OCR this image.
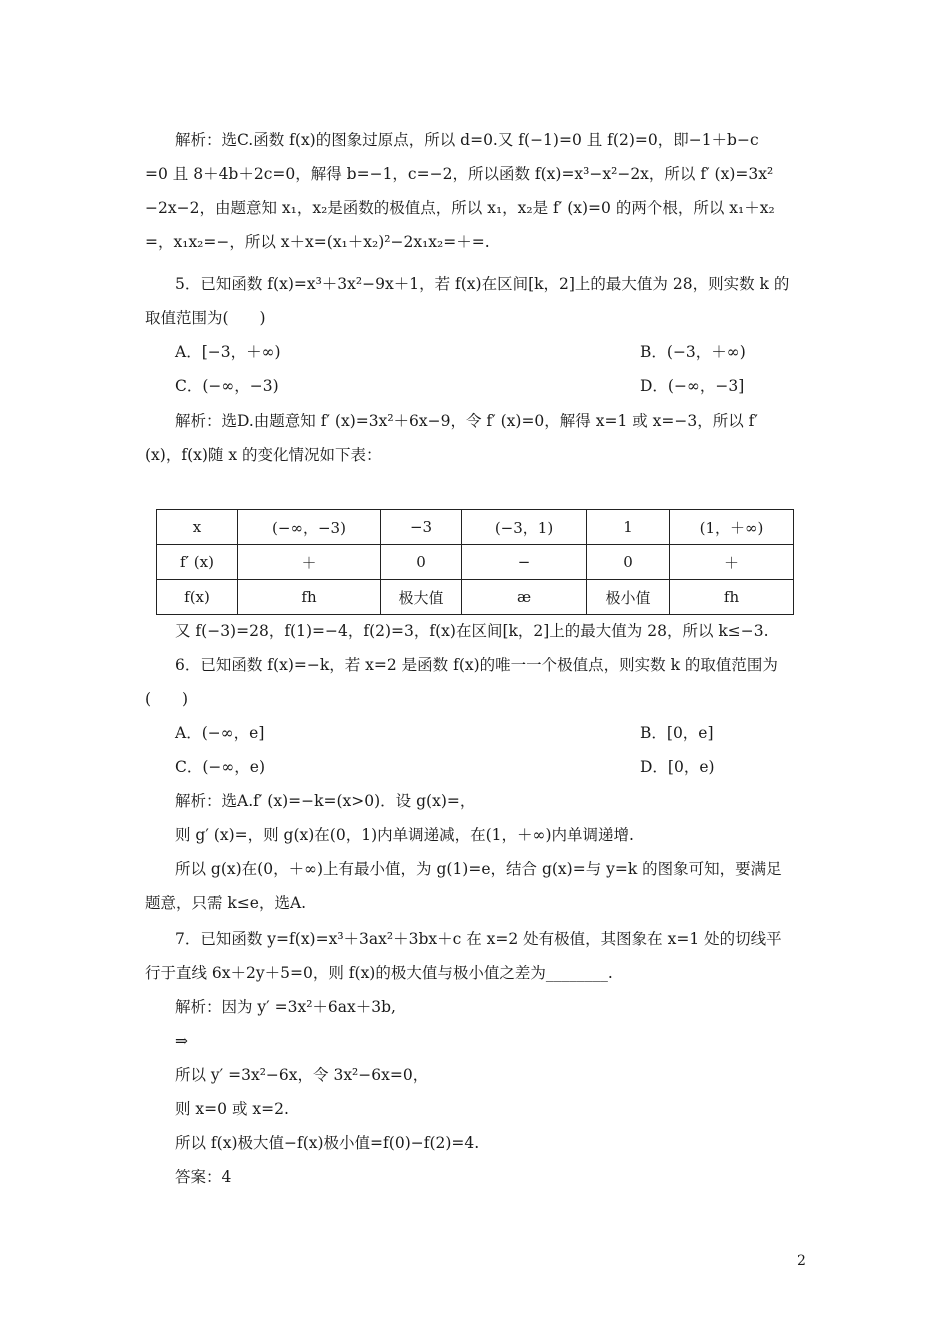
解析：选C.函数 f(x)的图象过原点，所以 d=0.又 f(−1)=0 且 f(2)=0，即−1＋b−c
=0 且 8＋4b＋2c=0，解得 b=−1，c=−2，所以函数 f(x)=x³−x²−2x，所以 f′ (x)=3x²
−2x−2，由题意知 x₁，x₂是函数的极值点，所以 x₁，x₂是 f′ (x)=0 的两个根，所以 x₁＋x₂
=，x₁x₂=−，所以 x＋x=(x₁＋x₂)²−2x₁x₂=＋=.
5．已知函数 f(x)=x³＋3x²−9x＋1，若 f(x)在区间[k，2]上的最大值为 28，则实数 k 的
取值范围为(　　)
A．[−3，＋∞)	B．(−3，＋∞)
C．(−∞，−3)	D．(−∞，−3]
解析：选D.由题意知 f′ (x)=3x²＋6x−9，令 f′ (x)=0，解得 x=1 或 x=−3，所以 f′
(x)，f(x)随 x 的变化情况如下表：
x	(−∞，−3)	−3	(−3，1)	1	(1，＋∞)
f′ (x)	＋	0	−	0	＋
f(x)	fh	极大值	æ	极小值	fh
又 f(−3)=28，f(1)=−4，f(2)=3，f(x)在区间[k，2]上的最大值为 28，所以 k≤−3.
6．已知函数 f(x)=−k，若 x=2 是函数 f(x)的唯一一个极值点，则实数 k 的取值范围为
(　　)
A．(−∞，e]	B．[0，e]
C．(−∞，e)	D．[0，e)
解析：选A.f′ (x)=−k=(x>0)．设 g(x)=，
则 g′ (x)=，则 g(x)在(0，1)内单调递减，在(1，＋∞)内单调递增.
所以 g(x)在(0，＋∞)上有最小值，为 g(1)=e，结合 g(x)=与 y=k 的图象可知，要满足
题意，只需 k≤e，选A.
7．已知函数 y=f(x)=x³＋3ax²＋3bx＋c 在 x=2 处有极值，其图象在 x=1 处的切线平
行于直线 6x＋2y＋5=0，则 f(x)的极大值与极小值之差为________.
解析：因为 y′ =3x²＋6ax＋3b,
⇒
所以 y′ =3x²−6x，令 3x²−6x=0，
则 x=0 或 x=2.
所以 f(x)极大值−f(x)极小值=f(0)−f(2)=4.
答案：4
2
